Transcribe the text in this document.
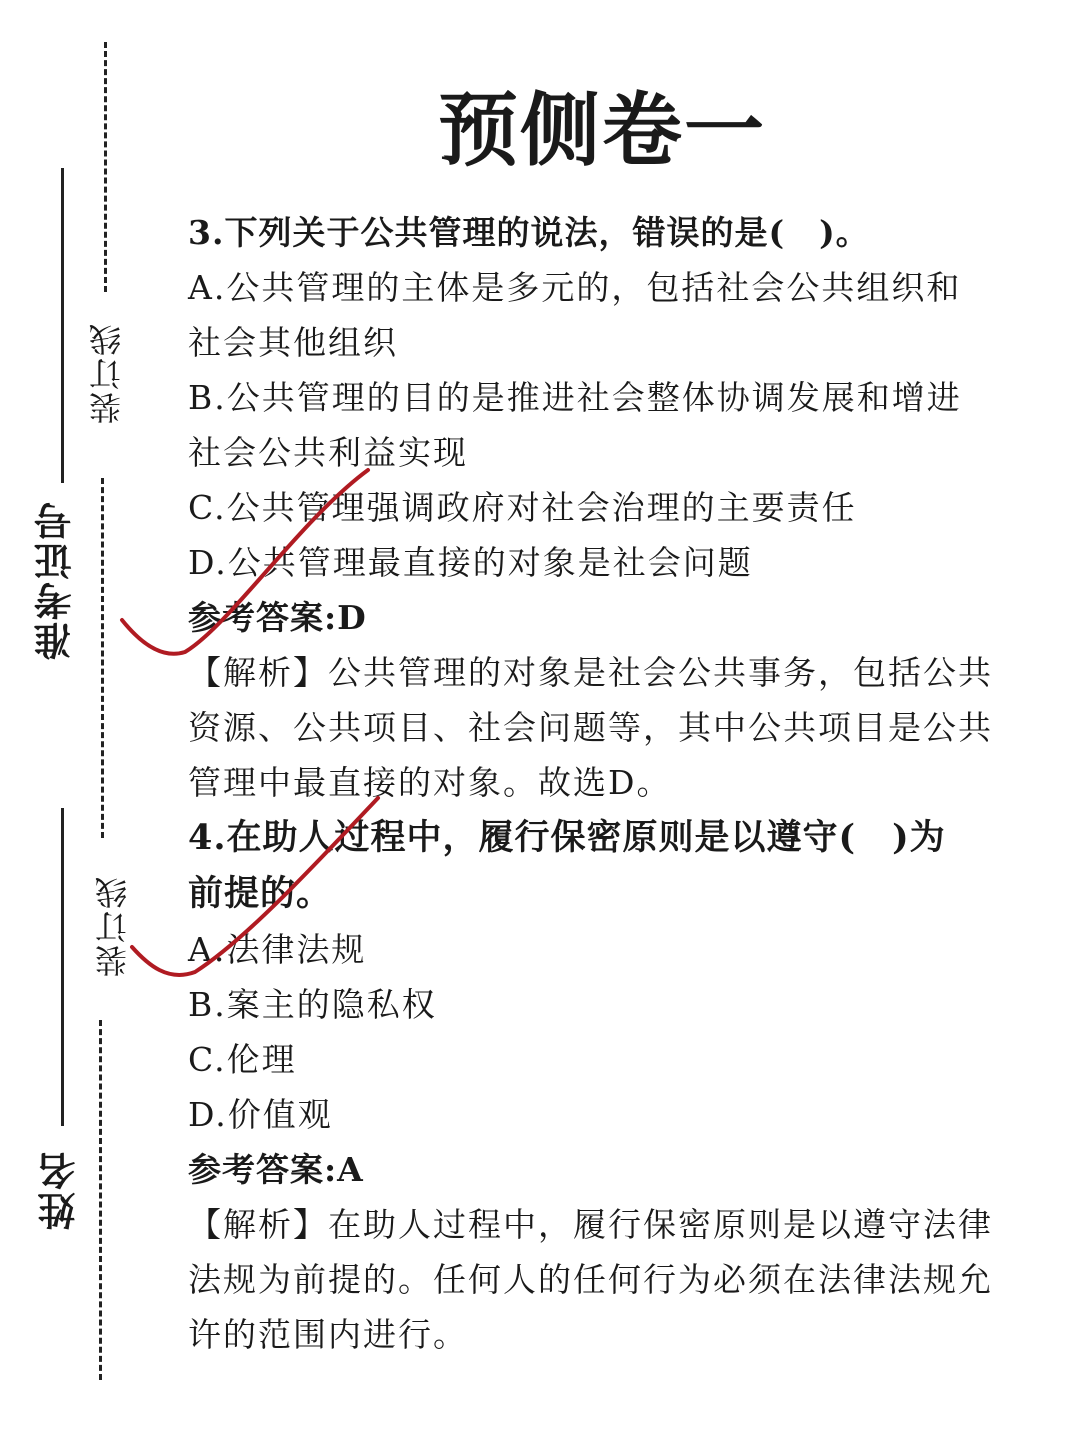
装订线
准考证号
装订线
姓名
预侧卷一
3.下列关于公共管理的说法，错误的是(　)。
A.公共管理的主体是多元的，包括社会公共组织和
社会其他组织
B.公共管理的目的是推进社会整体协调发展和增进
社会公共利益实现
C.公共管理强调政府对社会治理的主要责任
D.公共管理最直接的对象是社会问题
参考答案:D
【解析】公共管理的对象是社会公共事务，包括公共
资源、公共项目、社会问题等，其中公共项目是公共
管理中最直接的对象。故选D。
4.在助人过程中，履行保密原则是以遵守(　)为
前提的。
A.法律法规
B.案主的隐私权
C.伦理
D.价值观
参考答案:A
【解析】在助人过程中，履行保密原则是以遵守法律
法规为前提的。任何人的任何行为必须在法律法规允
许的范围内进行。
